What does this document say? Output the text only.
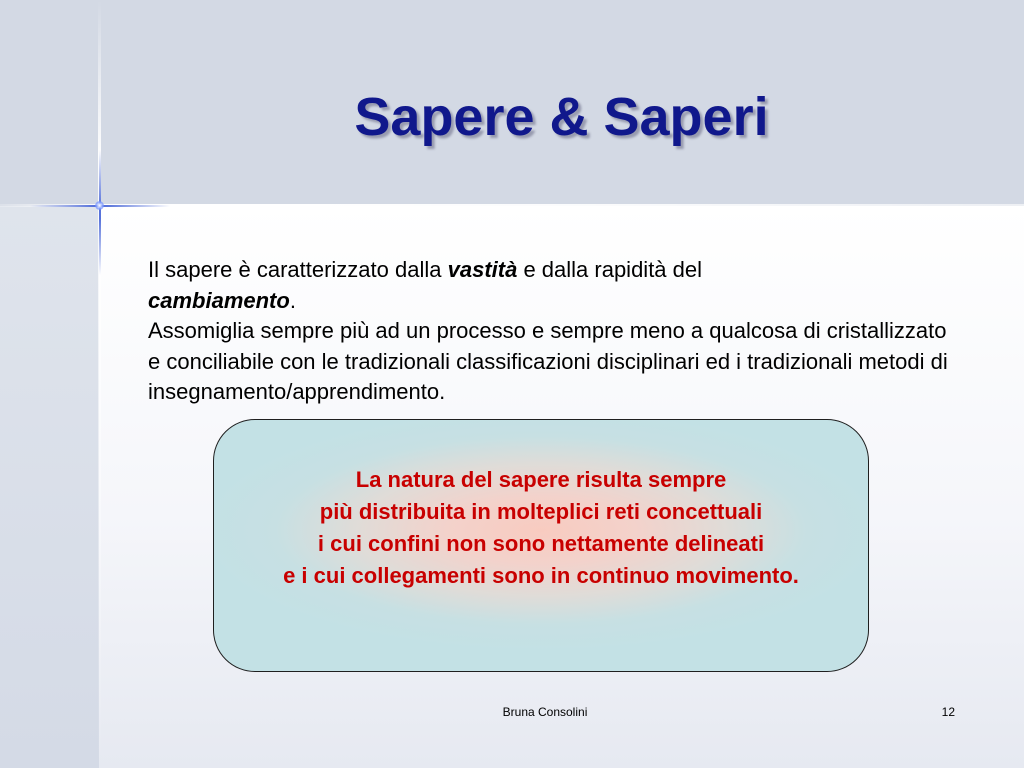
Sapere & Saperi
Il sapere è caratterizzato dalla vastità e dalla rapidità del
cambiamento.
Assomiglia sempre più ad un processo e sempre meno a qualcosa di cristallizzato e conciliabile con le tradizionali classificazioni disciplinari ed i tradizionali metodi di insegnamento/apprendimento.

La natura del sapere risulta sempre
più distribuita in molteplici reti concettuali
i cui confini non sono nettamente delineati
e i cui collegamenti sono in continuo movimento.

Bruna Consolini	12
